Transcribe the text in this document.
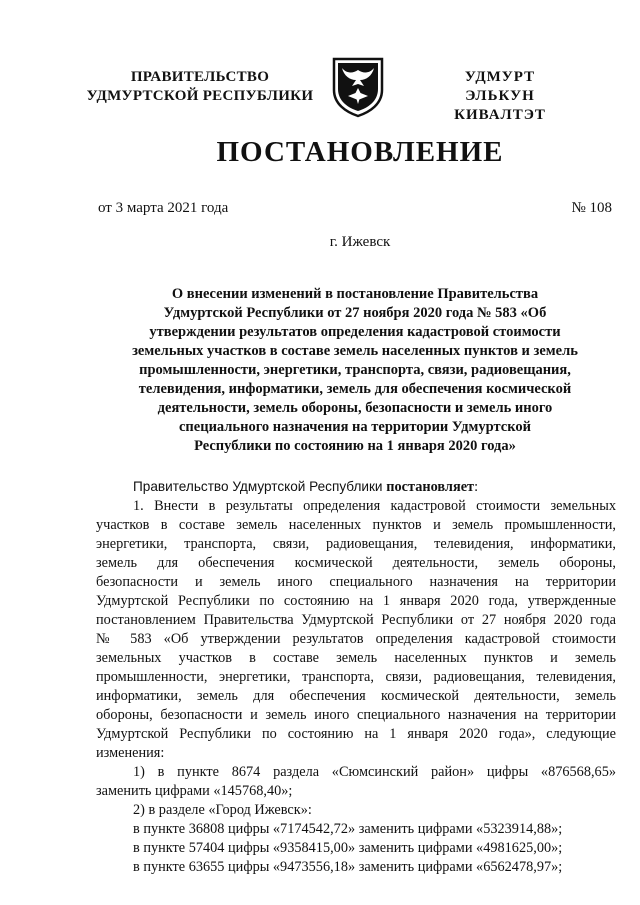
ПРАВИТЕЛЬСТВО
УДМУРТСКОЙ РЕСПУБЛИКИ
УДМУРТ ЭЛЬКУН
КИВАЛТЭТ
ПОСТАНОВЛЕНИЕ
от 3 марта 2021 года	№ 108
г. Ижевск
О внесении изменений в постановление Правительства
Удмуртской Республики от 27 ноября 2020 года № 583 «Об
утверждении результатов определения кадастровой стоимости
земельных участков в составе земель населенных пунктов и земель
промышленности, энергетики, транспорта, связи, радиовещания,
телевидения, информатики, земель для обеспечения космической
деятельности, земель обороны, безопасности и земель иного
специального назначения на территории Удмуртской
Республики по состоянию на 1 января 2020 года»
Правительство Удмуртской Республики постановляет:
1. Внести в результаты определения кадастровой стоимости земельных
участков в составе земель населенных пунктов и земель промышленности,
энергетики, транспорта, связи, радиовещания, телевидения, информатики,
земель для обеспечения космической деятельности, земель обороны,
безопасности и земель иного специального назначения на территории
Удмуртской Республики по состоянию на 1 января 2020 года, утвержденные
постановлением Правительства Удмуртской Республики от 27 ноября 2020 года
№ 583 «Об утверждении результатов определения кадастровой стоимости
земельных участков в составе земель населенных пунктов и земель
промышленности, энергетики, транспорта, связи, радиовещания, телевидения,
информатики, земель для обеспечения космической деятельности, земель
обороны, безопасности и земель иного специального назначения на территории
Удмуртской Республики по состоянию на 1 января 2020 года», следующие
изменения:
1) в пункте 8674 раздела «Сюмсинский район» цифры «876568,65»
заменить цифрами «145768,40»;
2) в разделе «Город Ижевск»:
в пункте 36808 цифры «7174542,72» заменить цифрами «5323914,88»;
в пункте 57404 цифры «9358415,00» заменить цифрами «4981625,00»;
в пункте 63655 цифры «9473556,18» заменить цифрами «6562478,97»;
